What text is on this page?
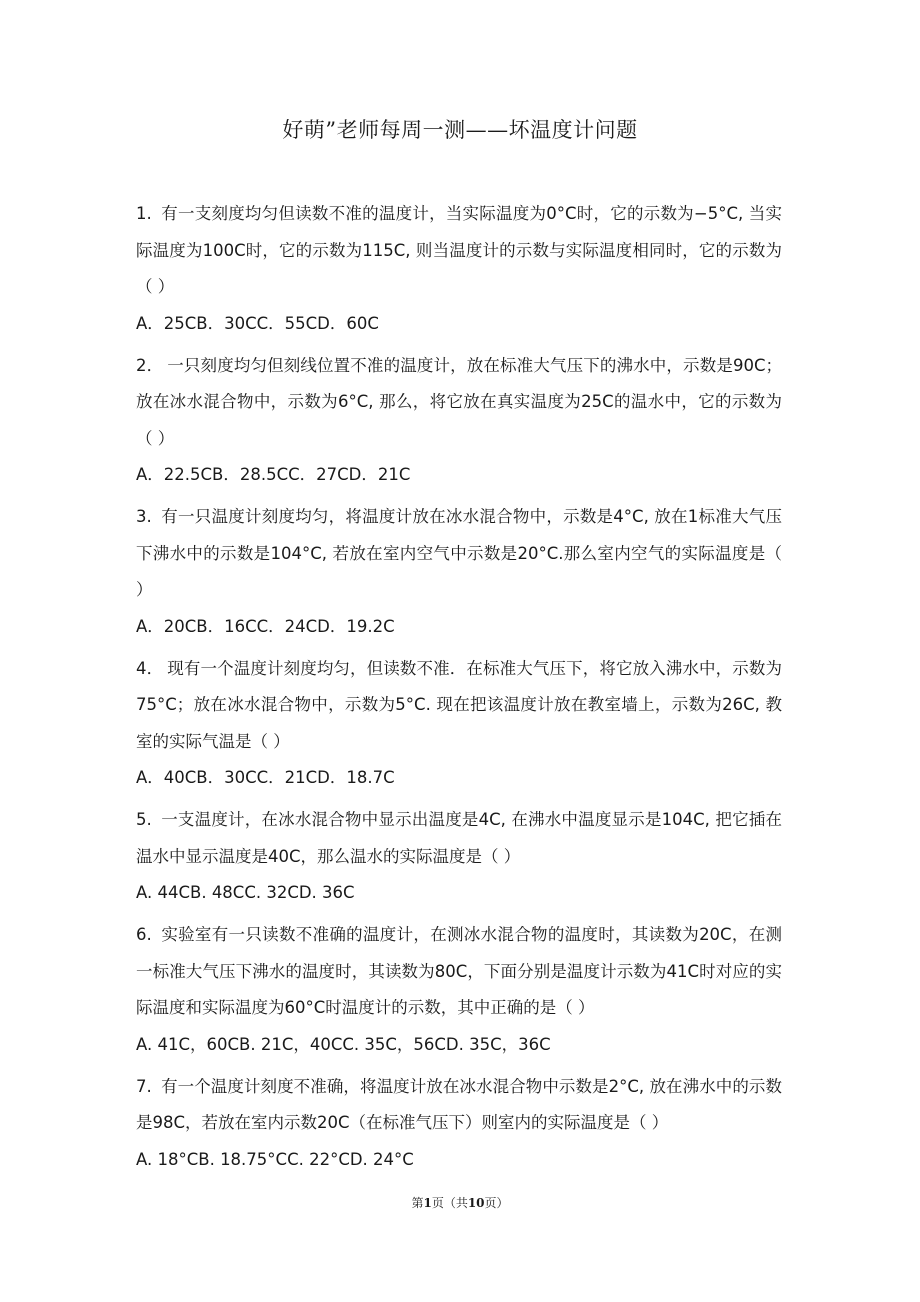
好萌”老师每周一测——坏温度计问题

1. 有一支刻度均匀但读数不准的温度计，当实际温度为0°C时，它的示数为−5°C, 当实际温度为100C时，它的示数为115C, 则当温度计的示数与实际温度相同时，它的示数为（ ）

A．25CB．30CC．55CD．60C

2． 一只刻度均匀但刻线位置不准的温度计，放在标准大气压下的沸水中，示数是90C；放在冰水混合物中，示数为6°C, 那么，将它放在真实温度为25C的温水中，它的示数为（ ）

A．22.5CB．28.5CC．27CD．21C

3. 有一只温度计刻度均匀，将温度计放在冰水混合物中，示数是4°C, 放在1标准大气压下沸水中的示数是104°C, 若放在室内空气中示数是20°C.那么室内空气的实际温度是（ ）

A．20CB．16CC．24CD．19.2C

4． 现有一个温度计刻度均匀，但读数不准．在标准大气压下，将它放入沸水中，示数为75°C；放在冰水混合物中，示数为5°C. 现在把该温度计放在教室墙上，示数为26C, 教室的实际气温是（ ）

A．40CB．30CC．21CD．18.7C

5. 一支温度计，在冰水混合物中显示出温度是4C, 在沸水中温度显示是104C, 把它插在温水中显示温度是40C，那么温水的实际温度是（ ）

A. 44CB. 48CC. 32CD. 36C

6. 实验室有一只读数不准确的温度计，在测冰水混合物的温度时，其读数为20C，在测一标准大气压下沸水的温度时，其读数为80C，下面分别是温度计示数为41C时对应的实际温度和实际温度为60°C时温度计的示数，其中正确的是（ ）

A. 41C，60CB. 21C，40CC. 35C，56CD. 35C，36C

7. 有一个温度计刻度不准确，将温度计放在冰水混合物中示数是2°C, 放在沸水中的示数是98C，若放在室内示数20C（在标准气压下）则室内的实际温度是（ ）

A. 18°CB. 18.75°CC. 22°CD. 24°C

第1页（共10页）
